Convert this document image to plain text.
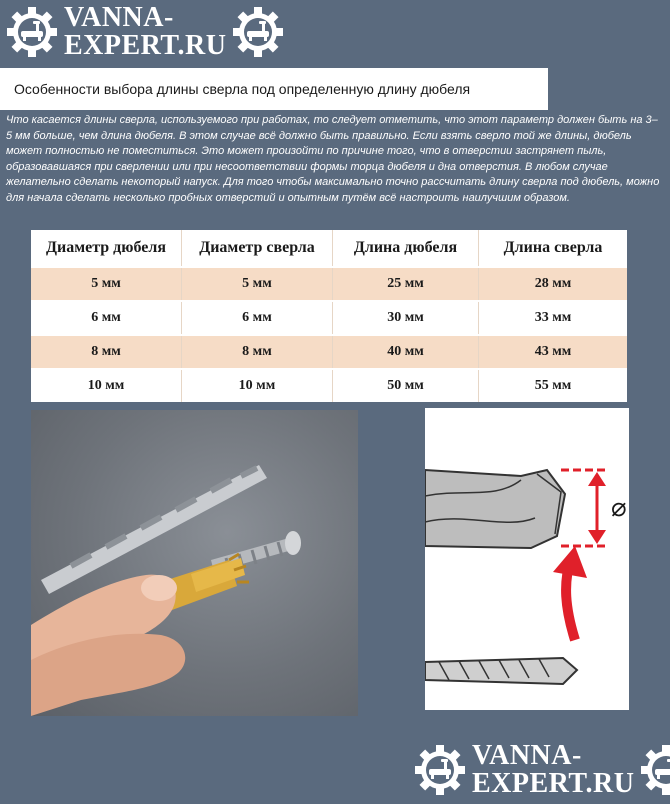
VANNA-
EXPERT.RU
Особенности выбора длины сверла под определенную длину дюбеля
Что касается длины сверла, используемого при работах, то следует отметить, что этот параметр должен быть на 3–5 мм больше, чем длина дюбеля. В этом случае всё должно быть правильно. Если взять сверло той же длины, дюбель может полностью не поместиться. Это может произойти по причине того, что в отверстии застрянет пыль, образовавшаяся при сверлении или при несоответствии формы торца дюбеля и дна отверстия. В любом случае желательно сделать некоторый напуск. Для того чтобы максимально точно рассчитать длину сверла под дюбель, можно для начала сделать несколько пробных отверстий и опытным путём всё настроить наилучшим образом.
Диаметр дюбеля	Диаметр сверла	Длина дюбеля	Длина сверла
5 мм	5 мм	25 мм	28 мм
6 мм	6 мм	30 мм	33 мм
8 мм	8 мм	40 мм	43 мм
10 мм	10 мм	50 мм	55 мм
⌀
VANNA-
EXPERT.RU
